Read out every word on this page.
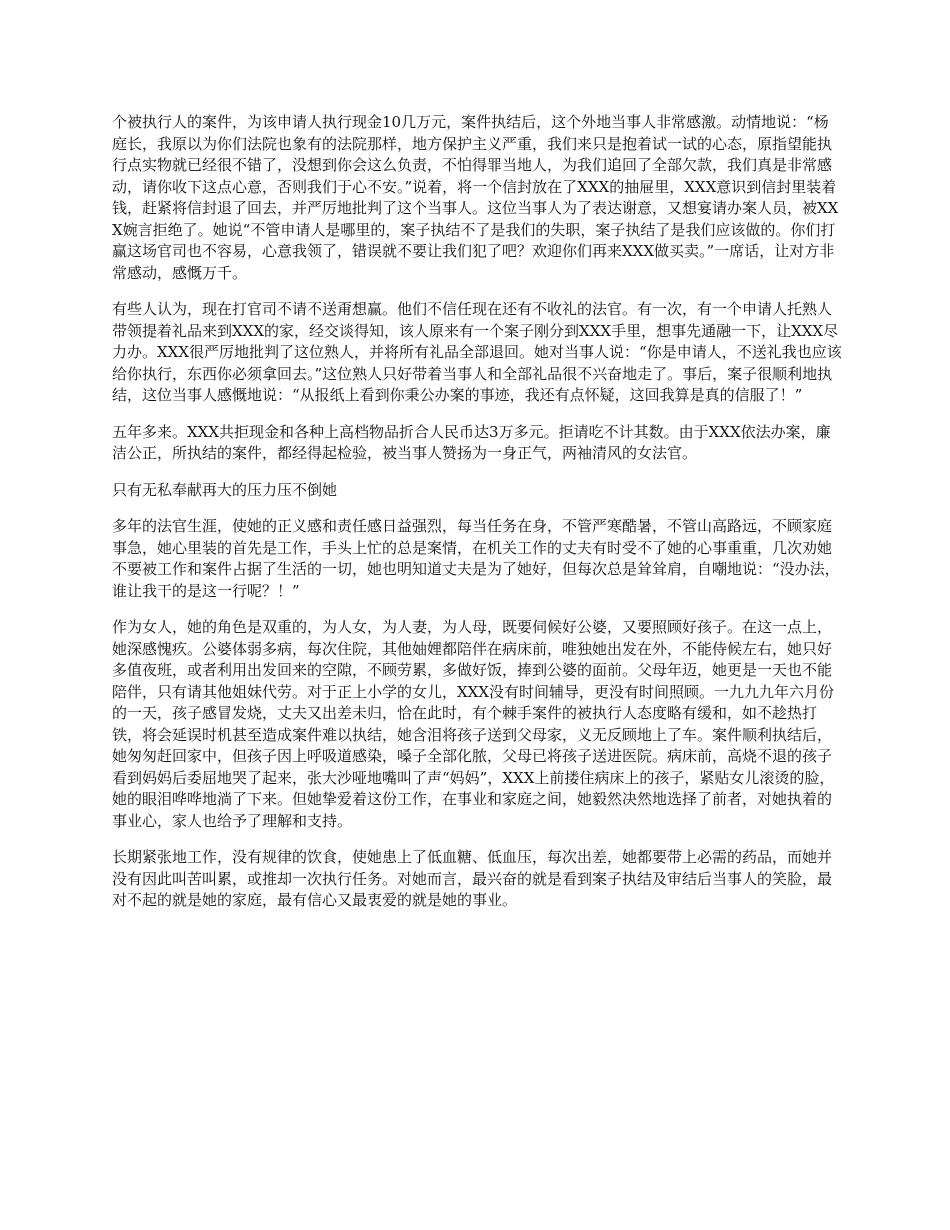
个被执行人的案件，为该申请人执行现金10几万元，案件执结后，这个外地当事人非常感激。动情地说：“杨庭长，我原以为你们法院也象有的法院那样，地方保护主义严重，我们来只是抱着试一试的心态，原指望能执行点实物就已经很不错了，没想到你会这么负责，不怕得罪当地人，为我们追回了全部欠款，我们真是非常感动，请你收下这点心意，否则我们于心不安。”说着，将一个信封放在了XXX的抽屉里，XXX意识到信封里装着钱，赶紧将信封退了回去，并严厉地批判了这个当事人。这位当事人为了表达谢意，又想宴请办案人员，被XXX婉言拒绝了。她说“不管申请人是哪里的，案子执结不了是我们的失职，案子执结了是我们应该做的。你们打赢这场官司也不容易，心意我领了，错误就不要让我们犯了吧？欢迎你们再来XXX做买卖。”一席话，让对方非常感动，感慨万千。

有些人认为，现在打官司不请不送甭想赢。他们不信任现在还有不收礼的法官。有一次，有一个申请人托熟人带领提着礼品来到XXX的家，经交谈得知，该人原来有一个案子刚分到XXX手里，想事先通融一下，让XXX尽力办。XXX很严厉地批判了这位熟人，并将所有礼品全部退回。她对当事人说：“你是申请人，不送礼我也应该给你执行，东西你必须拿回去。”这位熟人只好带着当事人和全部礼品很不兴奋地走了。事后，案子很顺利地执结，这位当事人感慨地说：“从报纸上看到你秉公办案的事迹，我还有点怀疑，这回我算是真的信服了！”

五年多来。XXX共拒现金和各种上高档物品折合人民币达3万多元。拒请吃不计其数。由于XXX依法办案，廉洁公正，所执结的案件，都经得起检验，被当事人赞扬为一身正气，两袖清风的女法官。

只有无私奉献再大的压力压不倒她

多年的法官生涯，使她的正义感和责任感日益强烈，每当任务在身，不管严寒酷暑，不管山高路远，不顾家庭事急，她心里装的首先是工作，手头上忙的总是案情，在机关工作的丈夫有时受不了她的心事重重，几次劝她不要被工作和案件占据了生活的一切，她也明知道丈夫是为了她好，但每次总是耸耸肩，自嘲地说：“没办法，谁让我干的是这一行呢？！”

作为女人，她的角色是双重的，为人女，为人妻，为人母，既要伺候好公婆，又要照顾好孩子。在这一点上，她深感愧疚。公婆体弱多病，每次住院，其他妯娌都陪伴在病床前，唯独她出发在外，不能侍候左右，她只好多值夜班，或者利用出发回来的空隙，不顾劳累，多做好饭，捧到公婆的面前。父母年迈，她更是一天也不能陪伴，只有请其他姐妹代劳。对于正上小学的女儿，XXX没有时间辅导，更没有时间照顾。一九九九年六月份的一天，孩子感冒发烧，丈夫又出差未归，恰在此时，有个棘手案件的被执行人态度略有缓和，如不趁热打铁，将会延误时机甚至造成案件难以执结，她含泪将孩子送到父母家，义无反顾地上了车。案件顺利执结后，她匆匆赶回家中，但孩子因上呼吸道感染，嗓子全部化脓，父母已将孩子送进医院。病床前，高烧不退的孩子看到妈妈后委屈地哭了起来，张大沙哑地嘴叫了声“妈妈”，XXX上前搂住病床上的孩子，紧贴女儿滚烫的脸，她的眼泪哗哗地淌了下来。但她挚爱着这份工作，在事业和家庭之间，她毅然决然地选择了前者，对她执着的事业心，家人也给予了理解和支持。

长期紧张地工作，没有规律的饮食，使她患上了低血糖、低血压，每次出差，她都要带上必需的药品，而她并没有因此叫苦叫累，或推却一次执行任务。对她而言，最兴奋的就是看到案子执结及审结后当事人的笑脸，最对不起的就是她的家庭，最有信心又最衷爱的就是她的事业。
